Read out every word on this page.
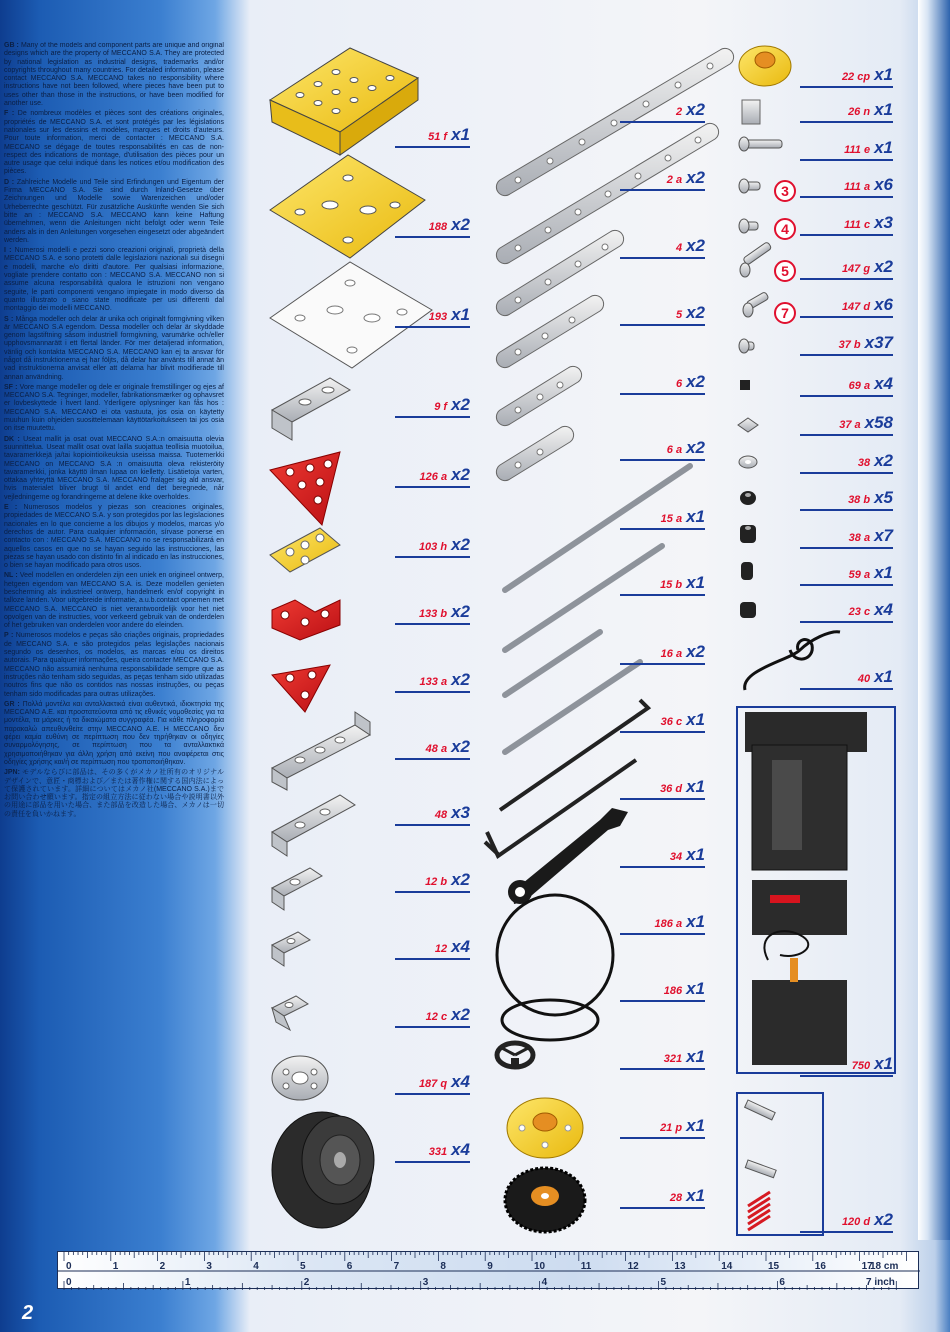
GB : Many of the models and component parts are unique and original designs which are the property of MECCANO S.A. They are protected by national legislation as industrial designs, trademarks and/or copyrights throughout many countries. For detailed information, please contact MECCANO S.A. MECCANO takes no responsibility where instructions have not been followed, where pieces have been put to uses other than those in the instructions, or have been modified for another use.

F : De nombreux modèles et pièces sont des créations originales, propriétés de MECCANO S.A. et sont protégés par les législations nationales sur les dessins et modèles, marques et droits d'auteurs. Pour toute information, merci de contacter : MECCANO S.A. MECCANO se dégage de toutes responsabilités en cas de non-respect des indications de montage, d'utilisation des pièces pour un autre usage que celui indiqué dans les notices et/ou modification des pièces.

D : Zahlreiche Modelle und Teile sind Erfindungen und Eigentum der Firma MECCANO S.A. Sie sind durch Inland-Gesetze über Zeichnungen und Modelle sowie Warenzeichen und/oder Urheberrechte geschützt. Für zusätzliche Auskünfte wenden Sie sich bitte an : MECCANO S.A. MECCANO kann keine Haftung übernehmen, wenn die Anleitungen nicht befolgt oder wenn Teile anders als in den Anleitungen vorgesehen eingesetzt oder abgeändert werden.

I : Numerosi modelli e pezzi sono creazioni originali, proprietà della MECCANO S.A. e sono protetti dalle legislazioni nazionali sui disegni e modelli, marche e/o diritti d'autore. Per qualsiasi informazione, vogliate prendere contatto con : MECCANO S.A. MECCANO non si assume alcuna responsabilità qualora le istruzioni non vengano seguite, le parti componenti vengano impiegate in modo diverso da quanto illustrato o siano state modificate per usi differenti dal montaggio dei modelli MECCANO.

S : Många modeller och delar är unika och originalt formgivning vilken är MECCANO S.A egendom. Dessa modeller och delar är skyddade genom lagstiftning såsom industriell formgivning, varumärke och/eller upphovsmannarätt i ett flertal länder. För mer detaljerad information, vänlig och kontakta MECCANO S.A. MECCANO kan ej ta ansvar för något då instruktionerna ej har följts, då delar har använts till annat än vad instruktionerna anvisat eller att delarna har blivit modifierade till annan användning.

SF : Vore mange modeller og dele er originale fremstillinger og ejes af MECCANO S.A. Tegninger, modeller, fabrikationsmærker og ophavsret er lovbeskyttede i hvert land. Yderligere oplysninger kan fås hos : MECCANO S.A. MECCANO ei ota vastuuta, jos osia on käytetty muuhun kuin ohjeiden suosittelemaan käyttötarkoitukseen tai jos osia on itse muutettu.

DK : Useat mallit ja osat ovat MECCANO S.A.:n omaisuutta olevia suunnittelua. Useat mallit osat ovat lailla suojattua teollisia muotoilua, tavaramerkkejä ja/tai kopiointioikeuksia useissa maissa. Tuotemerkki MECCANO on MECCANO S.A :n omaisuutta oleva rekisteröity tavaramerkki, jonka käyttö ilman lupaa on kielletty. Lisätietoja varten, ottakaa yhteyttä MECCANO S.A. MECCANO fraląger sig ald ansvar, hvis materialet bliver brugt til andet end det beregnede, når vejledningerne og forandringerne at delene ikke overholdes.

E : Numerosos modelos y piezas son creaciones originales, propiedades de MECCANO S.A. y son protegidos por las legislaciones nacionales en lo que concierne a los dibujos y modelos, marcas y/o derechos de autor. Para cualquier información, sírvase ponerse en contacto con : MECCANO S.A. MECCANO no se responsabilizará en aquellos casos en que no se hayan seguido las instrucciones, las piezas se hayan usado con distinto fin al indicado en las instrucciones, o bien se hayan modificado para otros usos.

NL : Veel modellen en onderdelen zijn een uniek en origineel ontwerp, hetgeen eigendom van MECCANO S.A. is. Deze modellen genieten bescherming als industrieel ontwerp, handelmerk en/of copyright in talloze landen. Voor uitgebreide informatie, a.u.b.contact opnemen met MECCANO S.A. MECCANO is niet verantwoordelijk voor het niet opvolgen van de instructies, voor verkeerd gebruik van de onderdelen of het gebruiken van onderdelen voor andere do eleinden.

P : Numerosos modelos e peças são criações originais, propriedades de MECCANO S.A. e são protegidos pelas legislações nacionais segundo os desenhos, os modelos, as marcas e/ou os direitos autorais. Para qualquer informações, queira contacter MECCANO S.A. MECCANO não assumirá nenhuma responsabilidade sempre que as instruções não tenham sido seguidas, as peças tenham sido utilizadas noutros fins que não os contidos nas nossas instruções, ou peças tenham sido modificadas para outras utilizações.

GR : Πολλά μοντέλα και ανταλλακτικά είναι αυθεντικά, ιδιοκτησία της MECCANO A.E. και προστατεύονται από τις εθνικές νομοθεσίες για τα μοντέλα, τα μάρκες ή τα δικαιώματα συγγραφέα. Για κάθε πληροφορία παρακαλώ απευθυνθείτε στην MECCANO A.E. Η MECCANO δεν φέρει καμία ευθύνη σε περίπτωση που δεν τηρήθηκαν οι οδηγίες συναρμολόγησης, σε περίπτωση που τα ανταλλακτικά χρησιμοποιήθηκαν για άλλη χρήση από εκείνη που αναφέρεται στις οδηγίες χρήσης και/ή σε περίπτωση που τροποποιήθηκαν.

JPN: モデルならびに部品は、その多くがメカノ社所有のオリジナルデザインで、意匠・商標および／または著作権に関する国内法によって保護されています。詳細についてはメカノ社(MECCANO S.A.)までお問い合わせ願います。指定の組立方法に従わない場合や説明書以外の用途に部品を用いた場合、また部品を改造した場合、メカノは一切の責任を負いかねます。

3
4
5
7
51 f x1
188 x2
193 x1
9 f x2
126 a x2
103 h x2
133 b x2
133 a x2
48 a x2
48 x3
12 b x2
12 x4
12 c x2
187 q x4
331 x4
2 x2
2 a x2
4 x2
5 x2
6 x2
6 a x2
15 a x1
15 b x1
16 a x2
36 c x1
36 d x1
34 x1
186 a x1
186 x1
321 x1
21 p x1
28 x1
22 cp x1
26 n x1
111 e x1
111 a x6
111 c x3
147 g x2
147 d x6
37 b x37
69 a x4
37 a x58
38 x2
38 b x5
38 a x7
59 a x1
23 c x4
40 x1
750 x1
120 d x2
0	1	2	3	4	5	6	7	8	9	10	11	12	13	14	15	16	17
18 cm
0	1	2	3	4	5	6	7 inch
2
